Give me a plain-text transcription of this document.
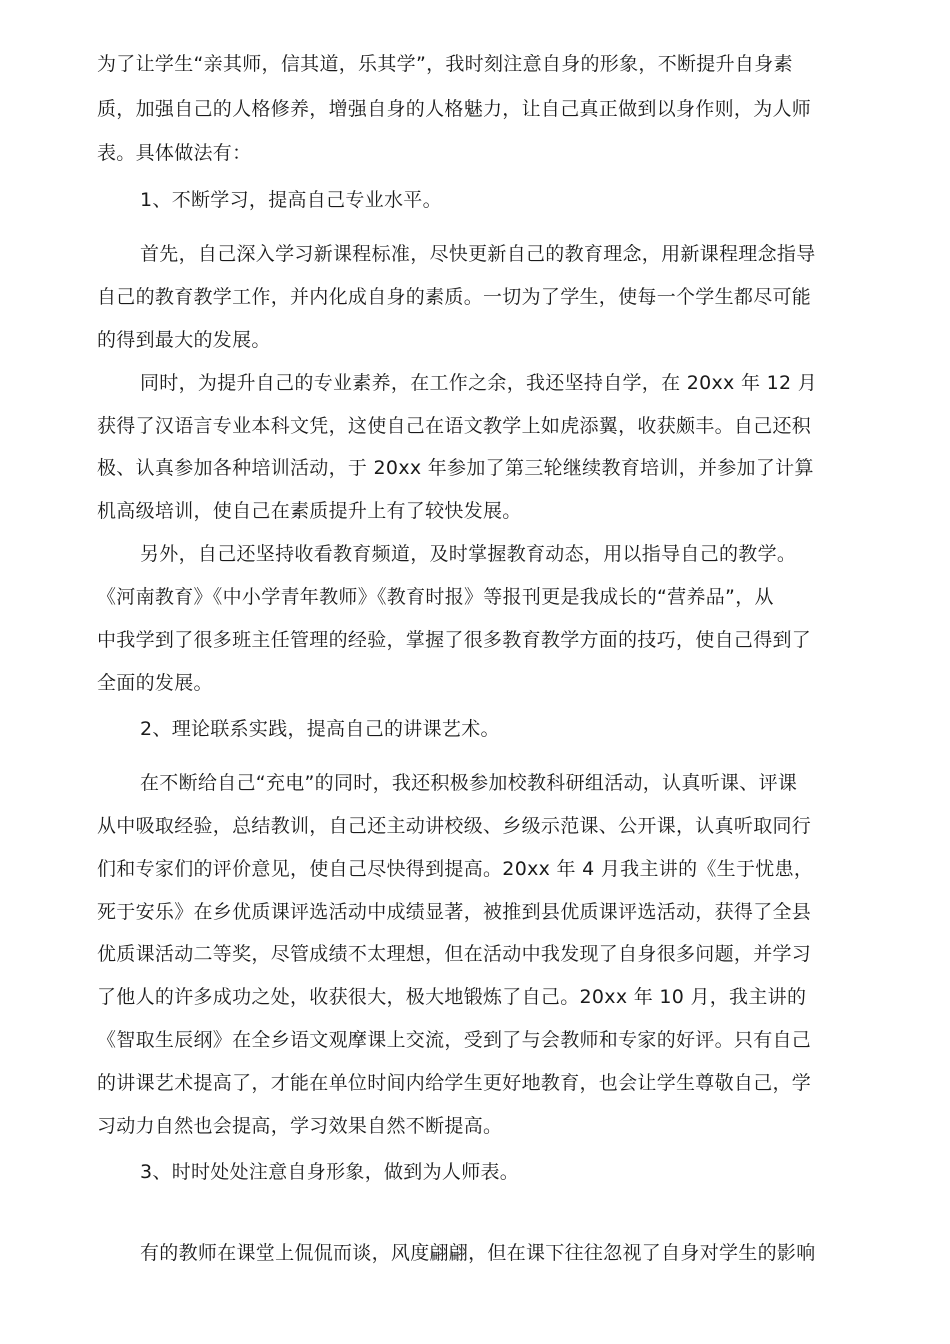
为了让学生“亲其师，信其道，乐其学”，我时刻注意自身的形象，不断提升自身素
质，加强自己的人格修养，增强自身的人格魅力，让自己真正做到以身作则，为人师
表。具体做法有：
1、不断学习，提高自己专业水平。
首先，自己深入学习新课程标准，尽快更新自己的教育理念，用新课程理念指导
自己的教育教学工作，并内化成自身的素质。一切为了学生，使每一个学生都尽可能
的得到最大的发展。
同时，为提升自己的专业素养，在工作之余，我还坚持自学，在 20xx 年 12 月
获得了汉语言专业本科文凭，这使自己在语文教学上如虎添翼，收获颇丰。自己还积
极、认真参加各种培训活动，于 20xx 年参加了第三轮继续教育培训，并参加了计算
机高级培训，使自己在素质提升上有了较快发展。
另外，自己还坚持收看教育频道，及时掌握教育动态，用以指导自己的教学。
《河南教育》《中小学青年教师》《教育时报》等报刊更是我成长的“营养品”，从
中我学到了很多班主任管理的经验，掌握了很多教育教学方面的技巧，使自己得到了
全面的发展。
2、理论联系实践，提高自己的讲课艺术。
在不断给自己“充电”的同时，我还积极参加校教科研组活动，认真听课、评课
从中吸取经验，总结教训，自己还主动讲校级、乡级示范课、公开课，认真听取同行
们和专家们的评价意见，使自己尽快得到提高。20xx 年 4 月我主讲的《生于忧患，
死于安乐》在乡优质课评选活动中成绩显著，被推到县优质课评选活动，获得了全县
优质课活动二等奖，尽管成绩不太理想，但在活动中我发现了自身很多问题，并学习
了他人的许多成功之处，收获很大，极大地锻炼了自己。20xx 年 10 月，我主讲的
《智取生辰纲》在全乡语文观摩课上交流，受到了与会教师和专家的好评。只有自己
的讲课艺术提高了，才能在单位时间内给学生更好地教育，也会让学生尊敬自己，学
习动力自然也会提高，学习效果自然不断提高。
3、时时处处注意自身形象，做到为人师表。
有的教师在课堂上侃侃而谈，风度翩翩，但在课下往往忽视了自身对学生的影响
